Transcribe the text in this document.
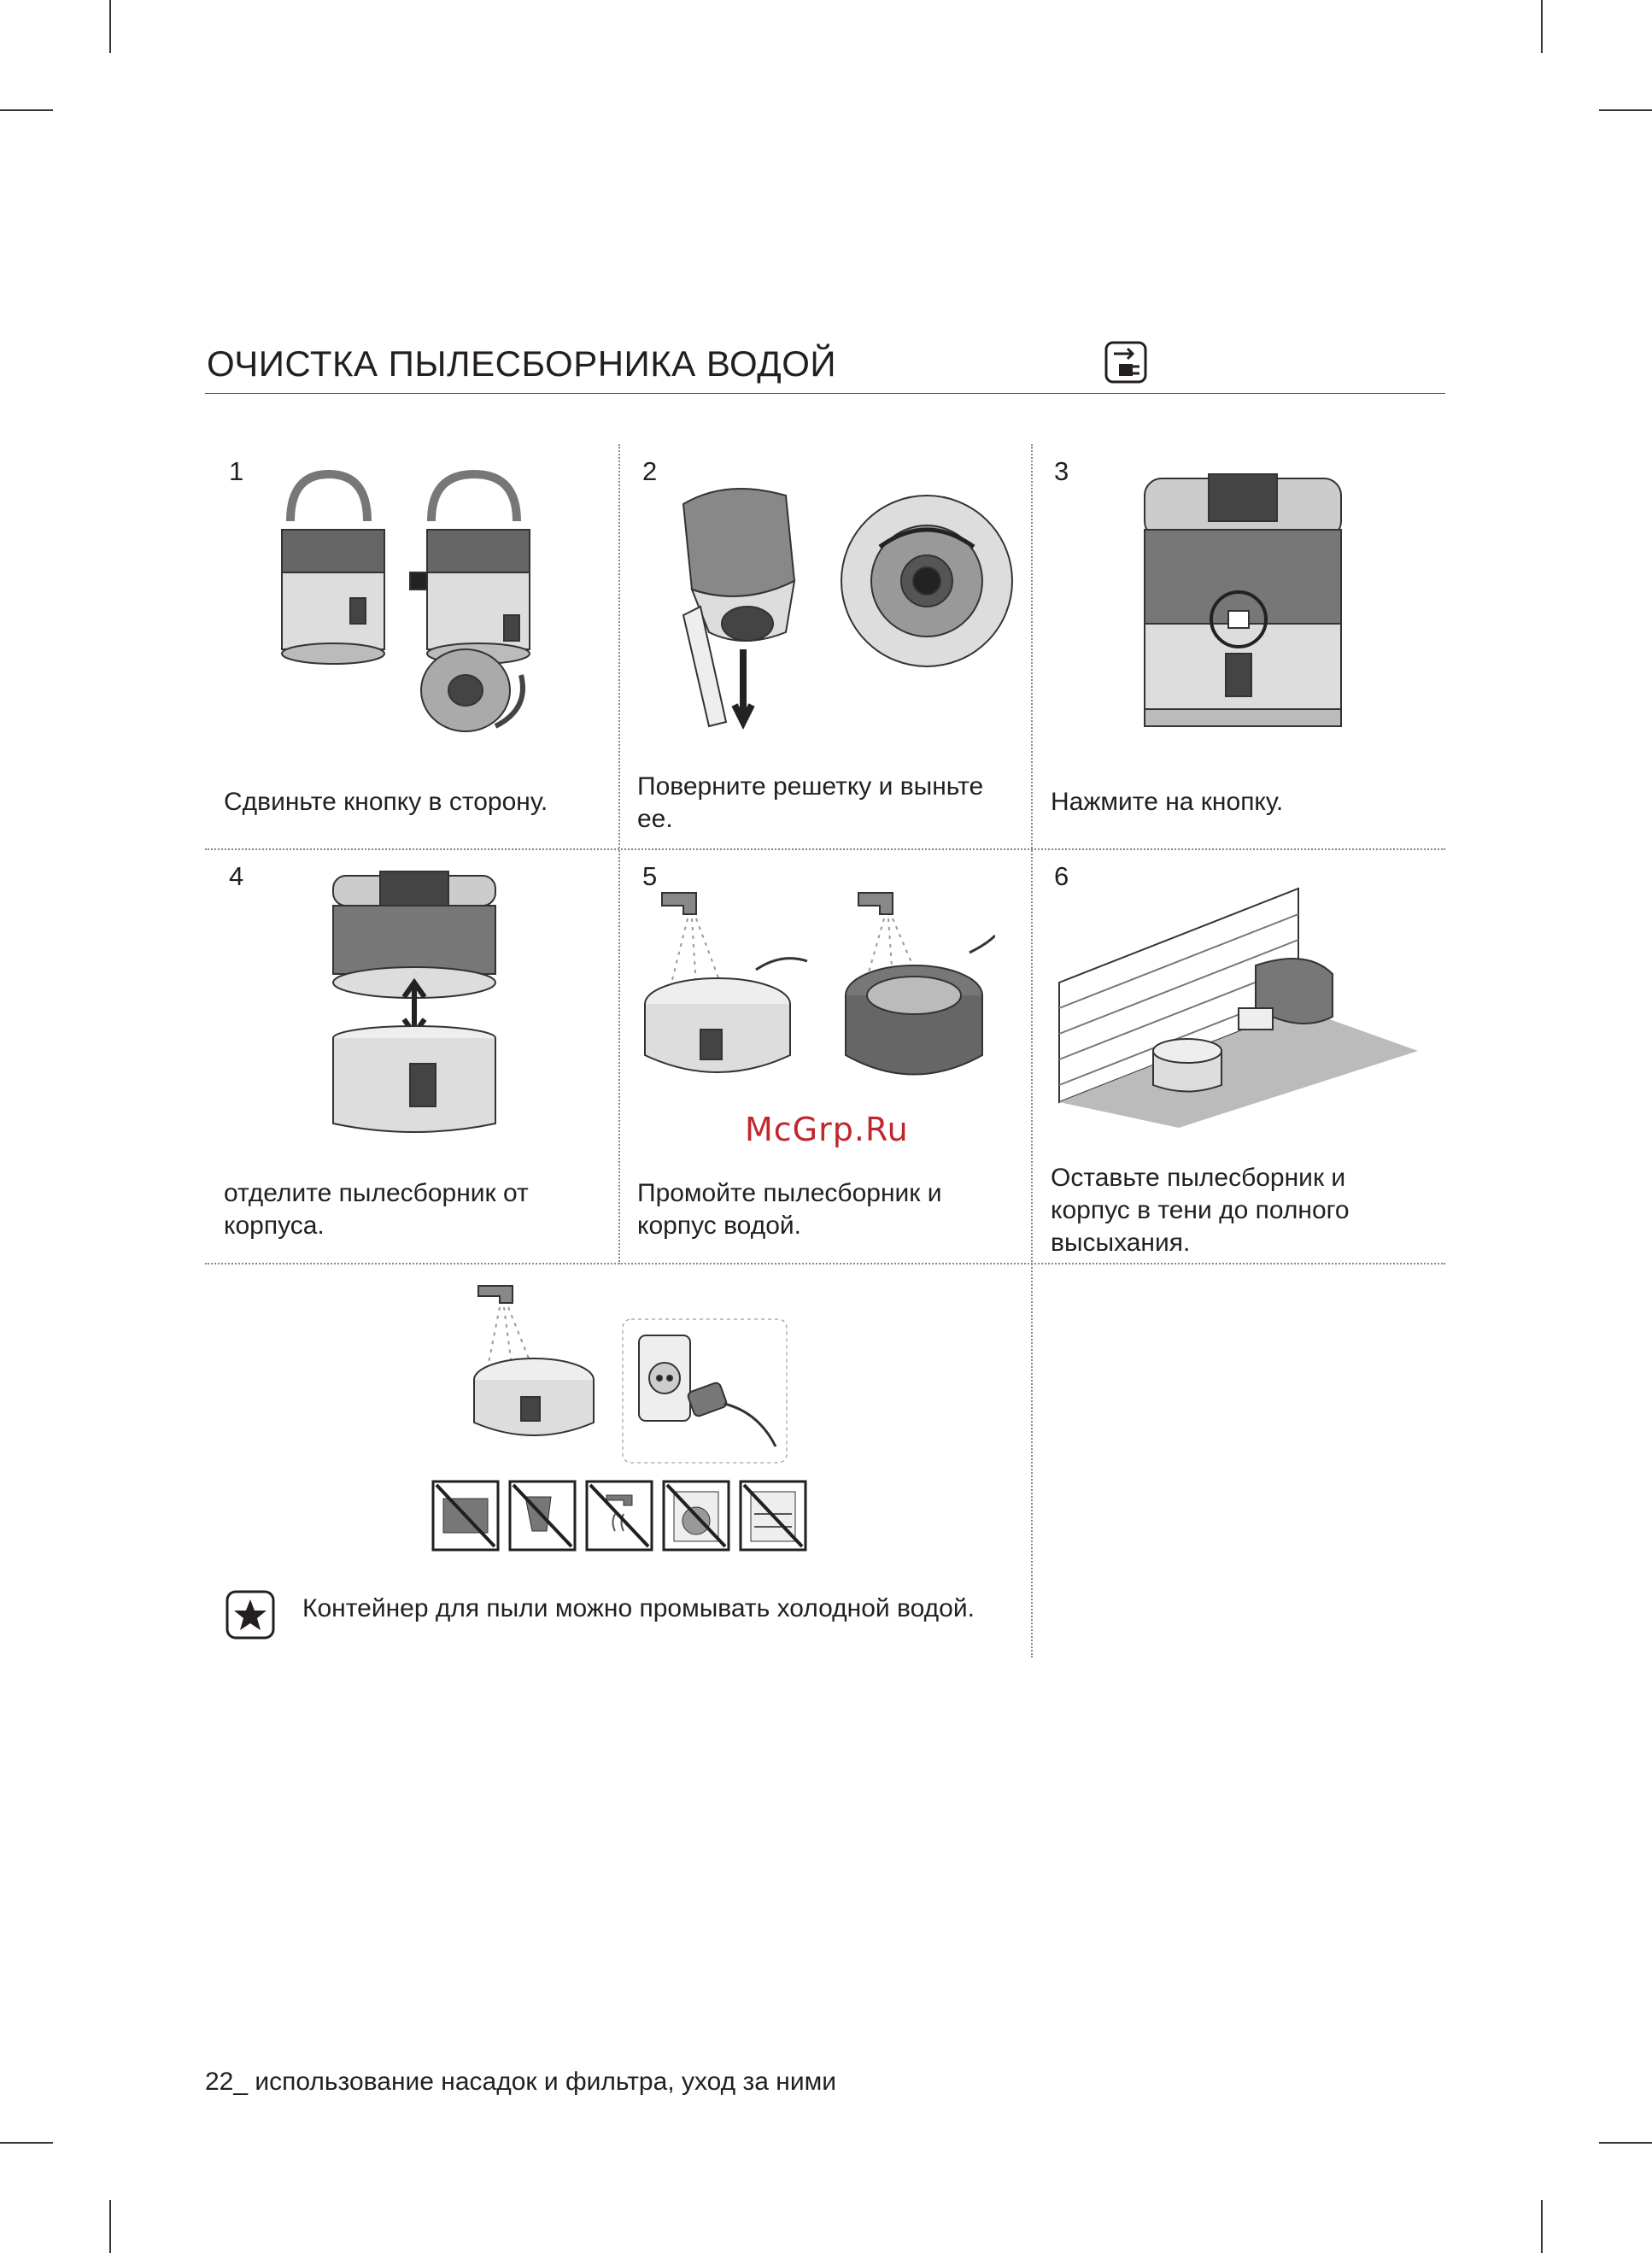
ОЧИСТКА ПЫЛЕСБОРНИКА ВОДОЙ
1
Сдвиньте кнопку в сторону.
2
Поверните решетку и выньте ее.
3
Нажмите на кнопку.
4
отделите пылесборник от корпуса.
5
Промойте пылесборник и корпус водой.
6
Оставьте пылесборник и корпус в тени до полного высыхания.
McGrp.Ru
Контейнер для пыли можно промывать холодной водой.
22_ использование насадок и фильтра, уход за ними
